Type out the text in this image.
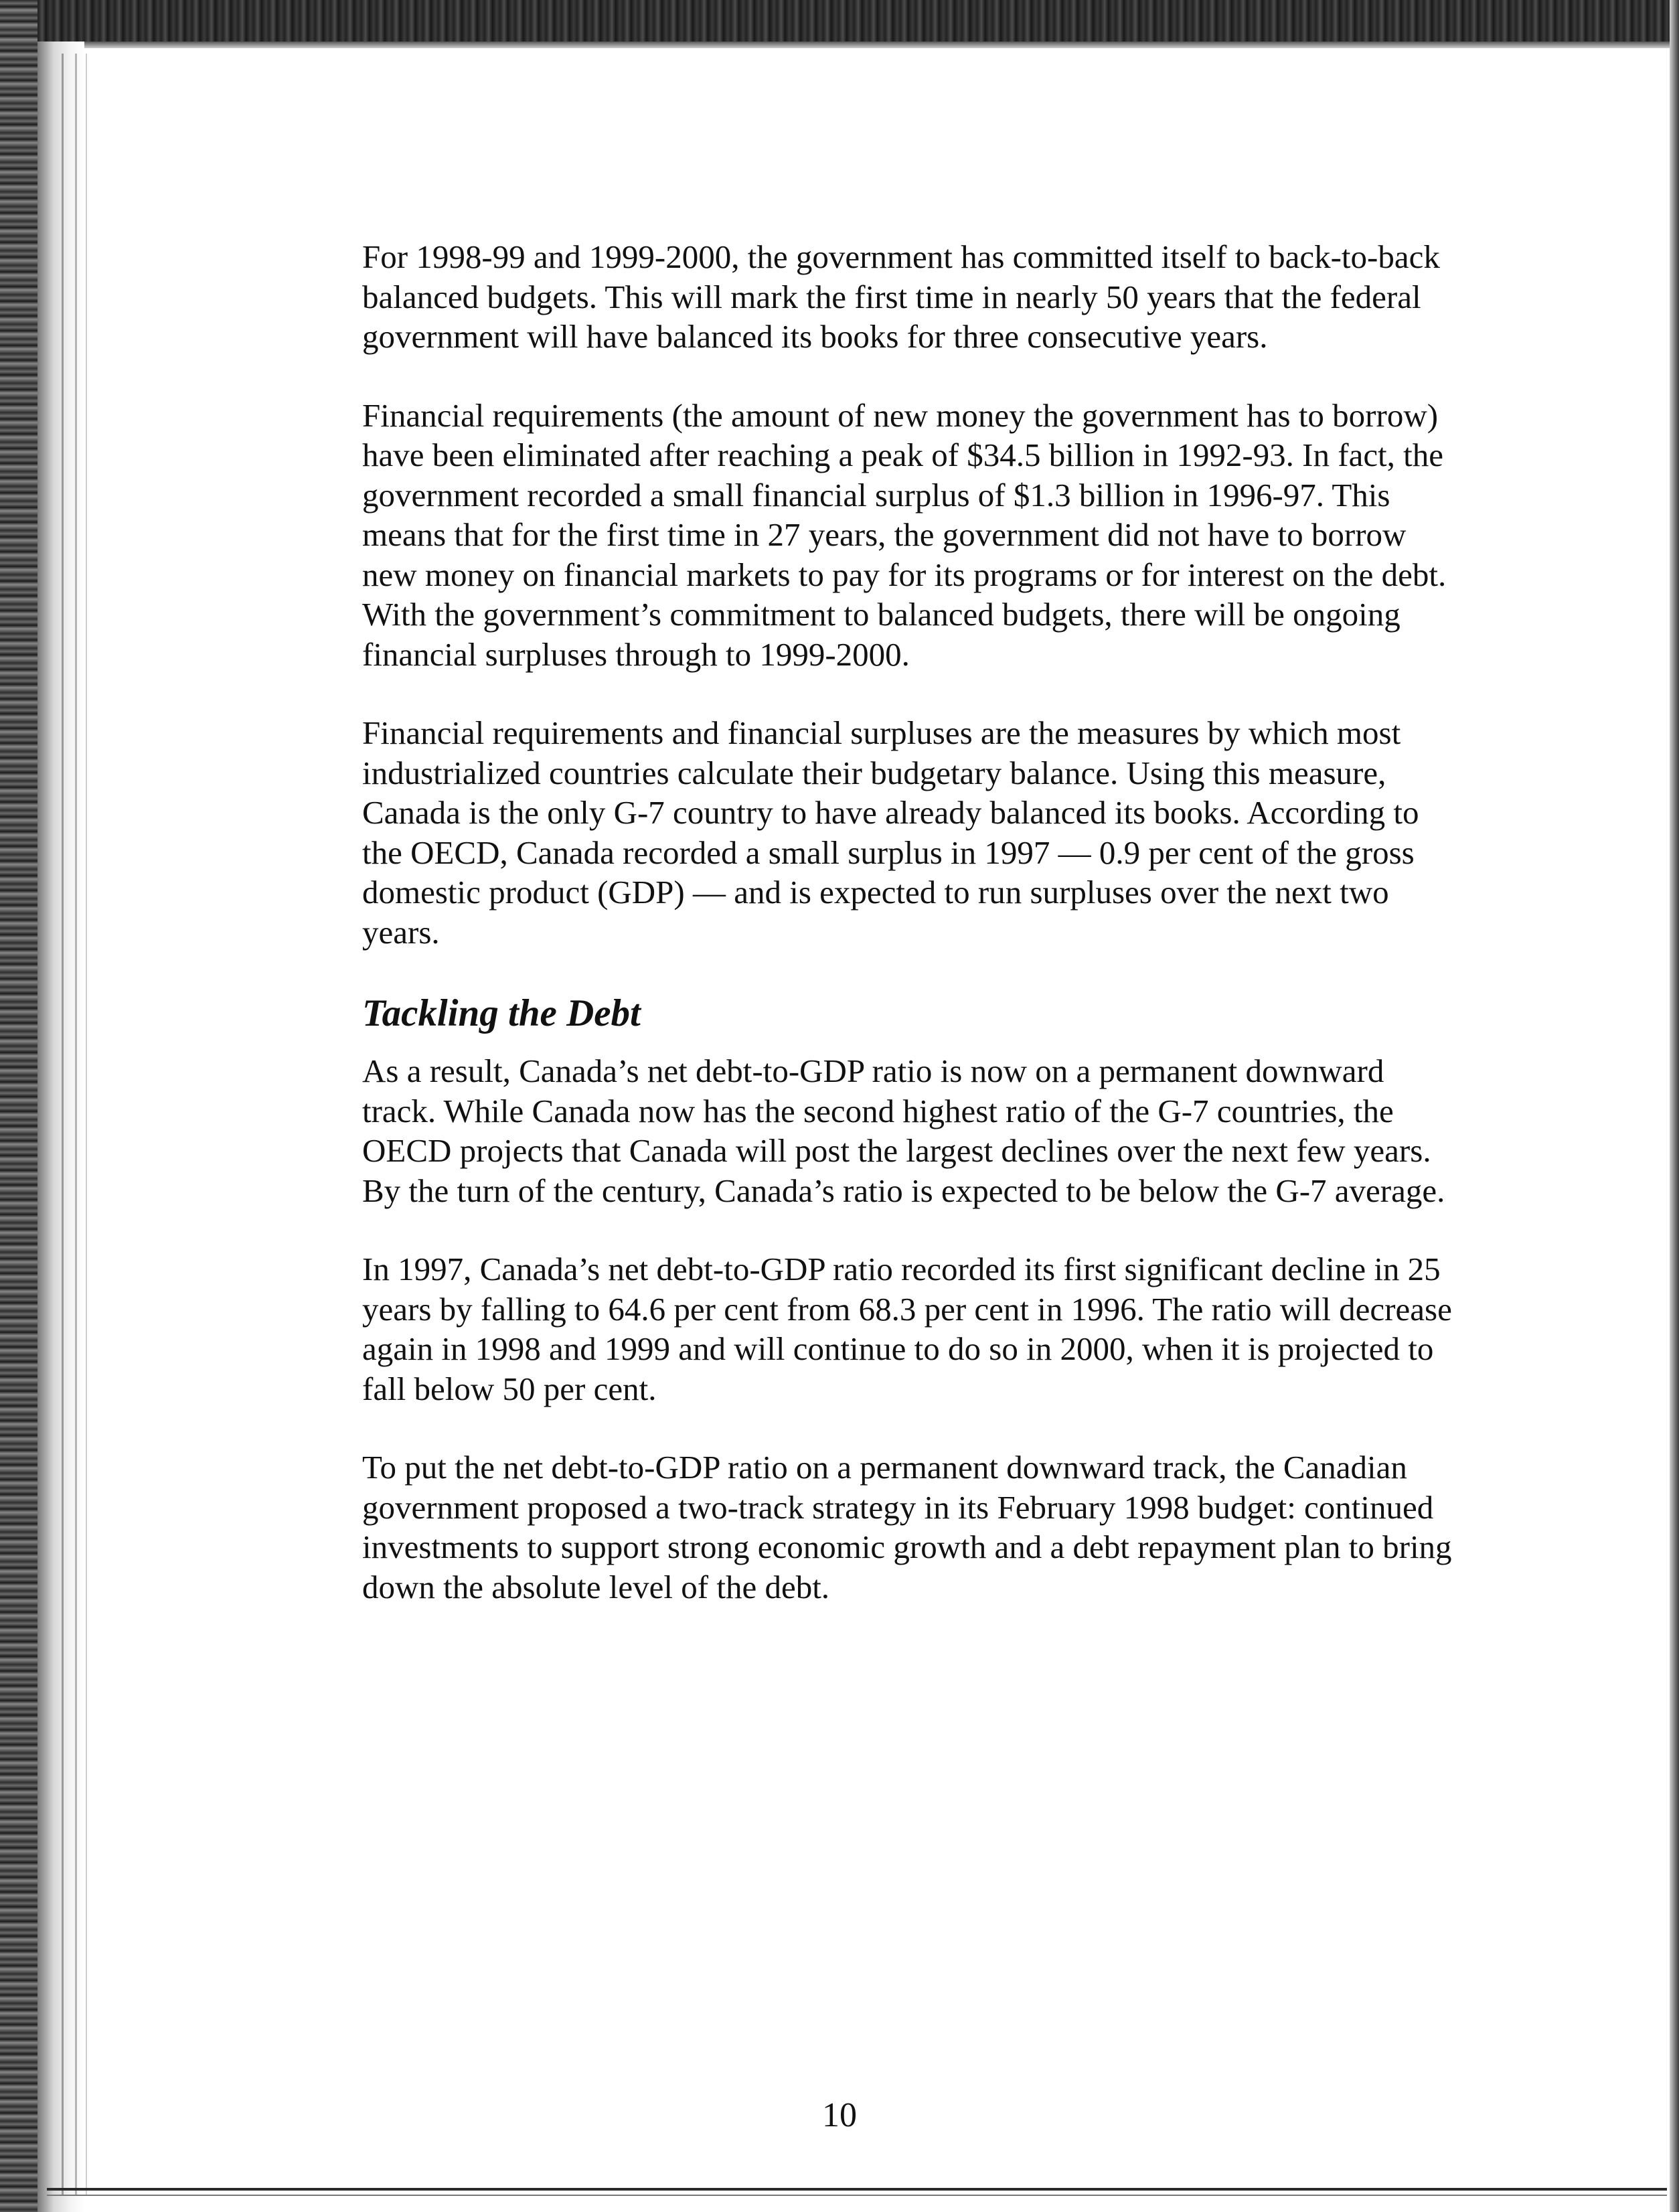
For 1998-99 and 1999-2000, the government has committed itself to back-to-back balanced budgets. This will mark the first time in nearly 50 years that the federal government will have balanced its books for three consecutive years.

Financial requirements (the amount of new money the government has to borrow) have been eliminated after reaching a peak of $34.5 billion in 1992-93. In fact, the government recorded a small financial surplus of $1.3 billion in 1996-97. This means that for the first time in 27 years, the government did not have to borrow new money on financial markets to pay for its programs or for interest on the debt. With the government’s commitment to balanced budgets, there will be ongoing financial surpluses through to 1999-2000.

Financial requirements and financial surpluses are the measures by which most industrialized countries calculate their budgetary balance. Using this measure, Canada is the only G-7 country to have already balanced its books. According to the OECD, Canada recorded a small surplus in 1997 — 0.9 per cent of the gross domestic product (GDP) — and is expected to run surpluses over the next two years.

Tackling the Debt

As a result, Canada’s net debt-to-GDP ratio is now on a permanent downward track. While Canada now has the second highest ratio of the G-7 countries, the OECD projects that Canada will post the largest declines over the next few years. By the turn of the century, Canada’s ratio is expected to be below the G-7 average.

In 1997, Canada’s net debt-to-GDP ratio recorded its first significant decline in 25 years by falling to 64.6 per cent from 68.3 per cent in 1996. The ratio will decrease again in 1998 and 1999 and will continue to do so in 2000, when it is projected to fall below 50 per cent.

To put the net debt-to-GDP ratio on a permanent downward track, the Canadian government proposed a two-track strategy in its February 1998 budget: continued investments to support strong economic growth and a debt repayment plan to bring down the absolute level of the debt.

10
